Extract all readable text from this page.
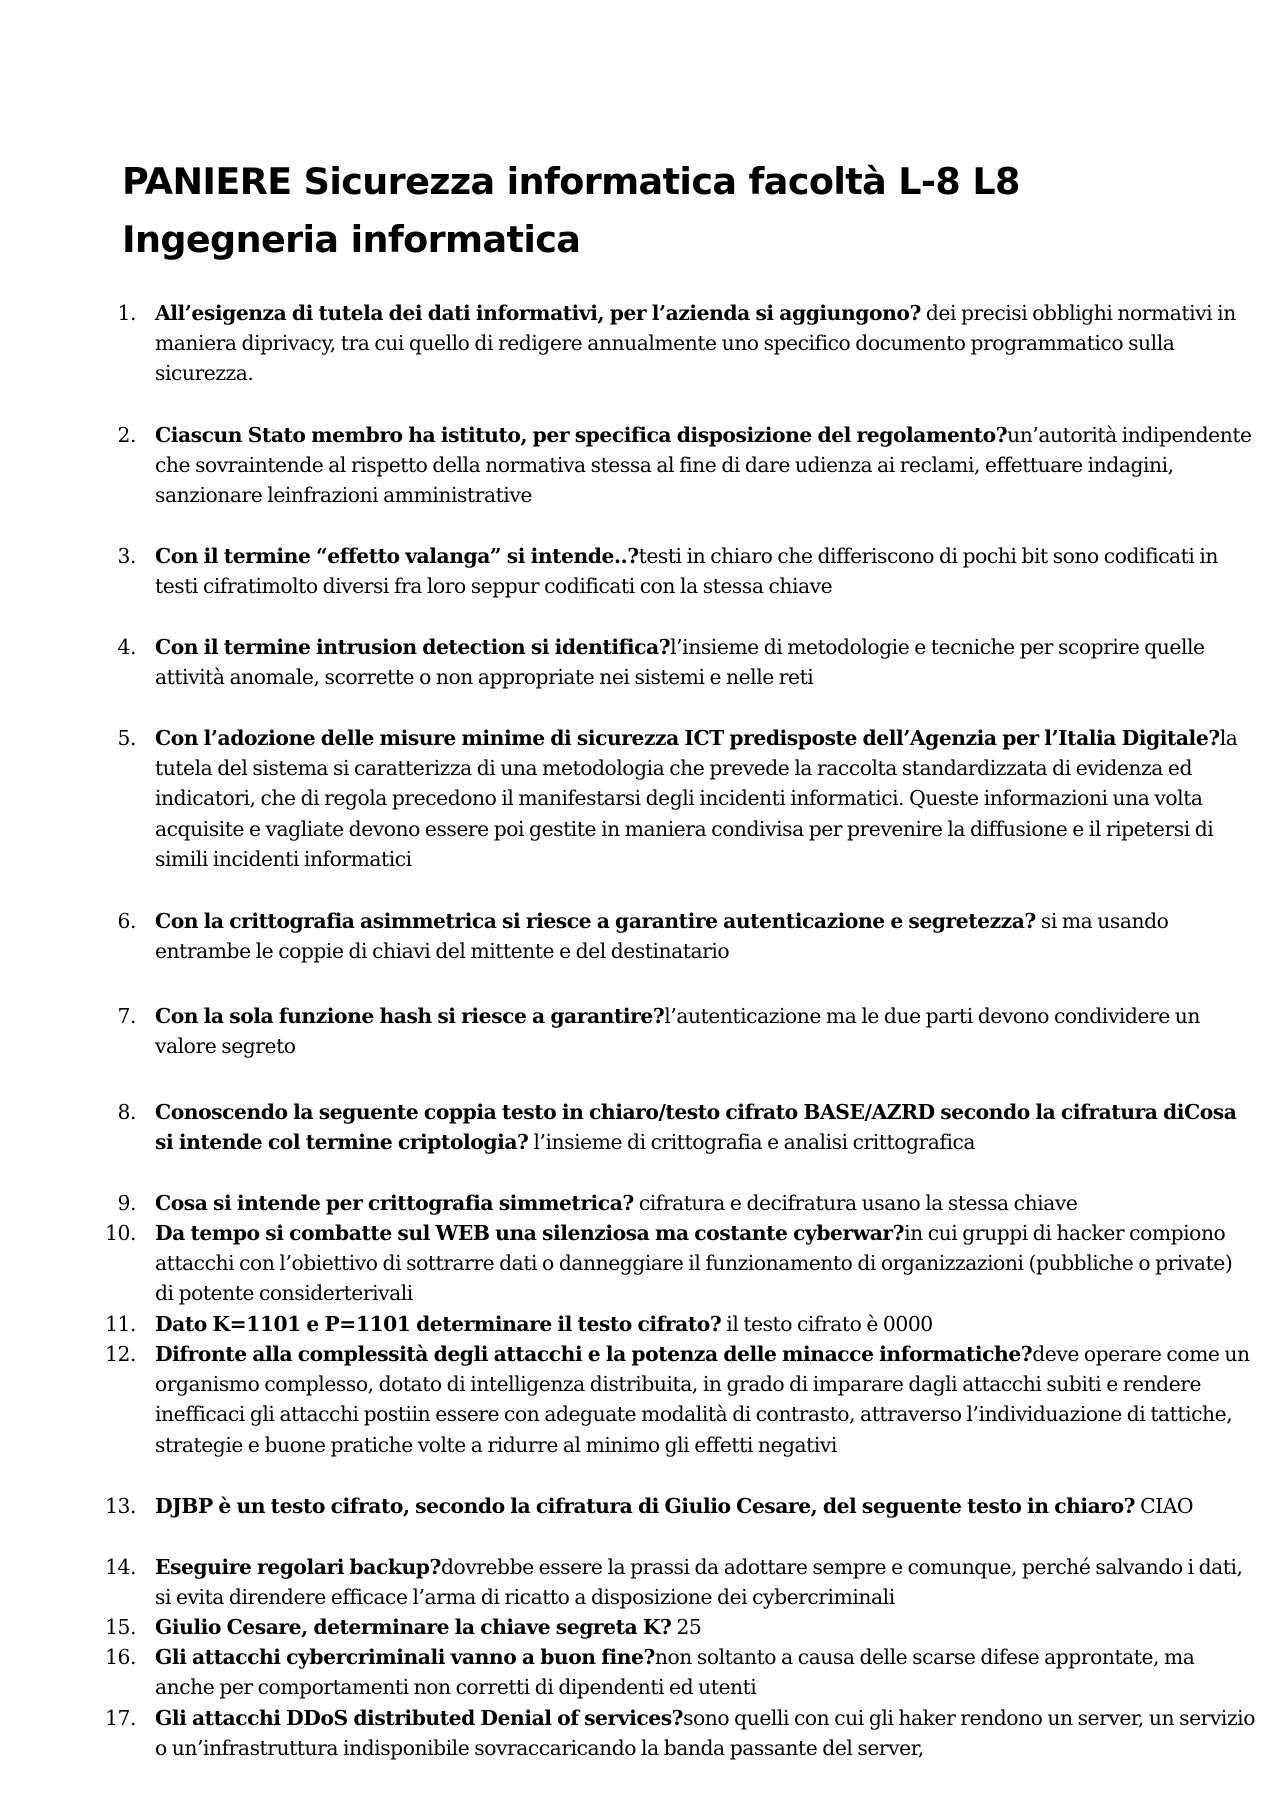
PANIERE Sicurezza informatica facoltà L-8 L8 Ingegneria informatica
1. All’esigenza di tutela dei dati informativi, per l’azienda si aggiungono? dei precisi obblighi normativi in maniera diprivacy, tra cui quello di redigere annualmente uno specifico documento programmatico sulla sicurezza.
2. Ciascun Stato membro ha istituto, per specifica disposizione del regolamento?un’autorità indipendente che sovraintende al rispetto della normativa stessa al fine di dare udienza ai reclami, effettuare indagini, sanzionare leinfrazioni amministrative
3. Con il termine “effetto valanga” si intende..?testi in chiaro che differiscono di pochi bit sono codificati in testi cifratimolto diversi fra loro seppur codificati con la stessa chiave
4. Con il termine intrusion detection si identifica?l’insieme di metodologie e tecniche per scoprire quelle attività anomale, scorrette o non appropriate nei sistemi e nelle reti
5. Con l’adozione delle misure minime di sicurezza ICT predisposte dell’Agenzia per l’Italia Digitale?la tutela del sistema si caratterizza di una metodologia che prevede la raccolta standardizzata di evidenza ed indicatori, che di regola precedono il manifestarsi degli incidenti informatici. Queste informazioni una volta acquisite e vagliate devono essere poi gestite in maniera condivisa per prevenire la diffusione e il ripetersi di simili incidenti informatici
6. Con la crittografia asimmetrica si riesce a garantire autenticazione e segretezza? si ma usando entrambe le coppie di chiavi del mittente e del destinatario
7. Con la sola funzione hash si riesce a garantire?l’autenticazione ma le due parti devono condividere un valore segreto
8. Conoscendo la seguente coppia testo in chiaro/testo cifrato BASE/AZRD secondo la cifratura diCosa si intende col termine criptologia? l’insieme di crittografia e analisi crittografica
9. Cosa si intende per crittografia simmetrica? cifratura e decifratura usano la stessa chiave
10. Da tempo si combatte sul WEB una silenziosa ma costante cyberwar?in cui gruppi di hacker compiono attacchi con l’obiettivo di sottrarre dati o danneggiare il funzionamento di organizzazioni (pubbliche o private) di potente considerterivali
11. Dato K=1101 e P=1101 determinare il testo cifrato? il testo cifrato è 0000
12. Difronte alla complessità degli attacchi e la potenza delle minacce informatiche?deve operare come un organismo complesso, dotato di intelligenza distribuita, in grado di imparare dagli attacchi subiti e rendere inefficaci gli attacchi postiin essere con adeguate modalità di contrasto, attraverso l’individuazione di tattiche, strategie e buone pratiche volte a ridurre al minimo gli effetti negativi
13. DJBP è un testo cifrato, secondo la cifratura di Giulio Cesare, del seguente testo in chiaro? CIAO
14. Eseguire regolari backup?dovrebbe essere la prassi da adottare sempre e comunque, perché salvando i dati, si evita direndere efficace l’arma di ricatto a disposizione dei cybercriminali
15. Giulio Cesare, determinare la chiave segreta K? 25
16. Gli attacchi cybercriminali vanno a buon fine?non soltanto a causa delle scarse difese approntate, ma anche per comportamenti non corretti di dipendenti ed utenti
17. Gli attacchi DDoS distributed Denial of services?sono quelli con cui gli haker rendono un server, un servizio o un’infrastruttura indisponibile sovraccaricando la banda passante del server,
